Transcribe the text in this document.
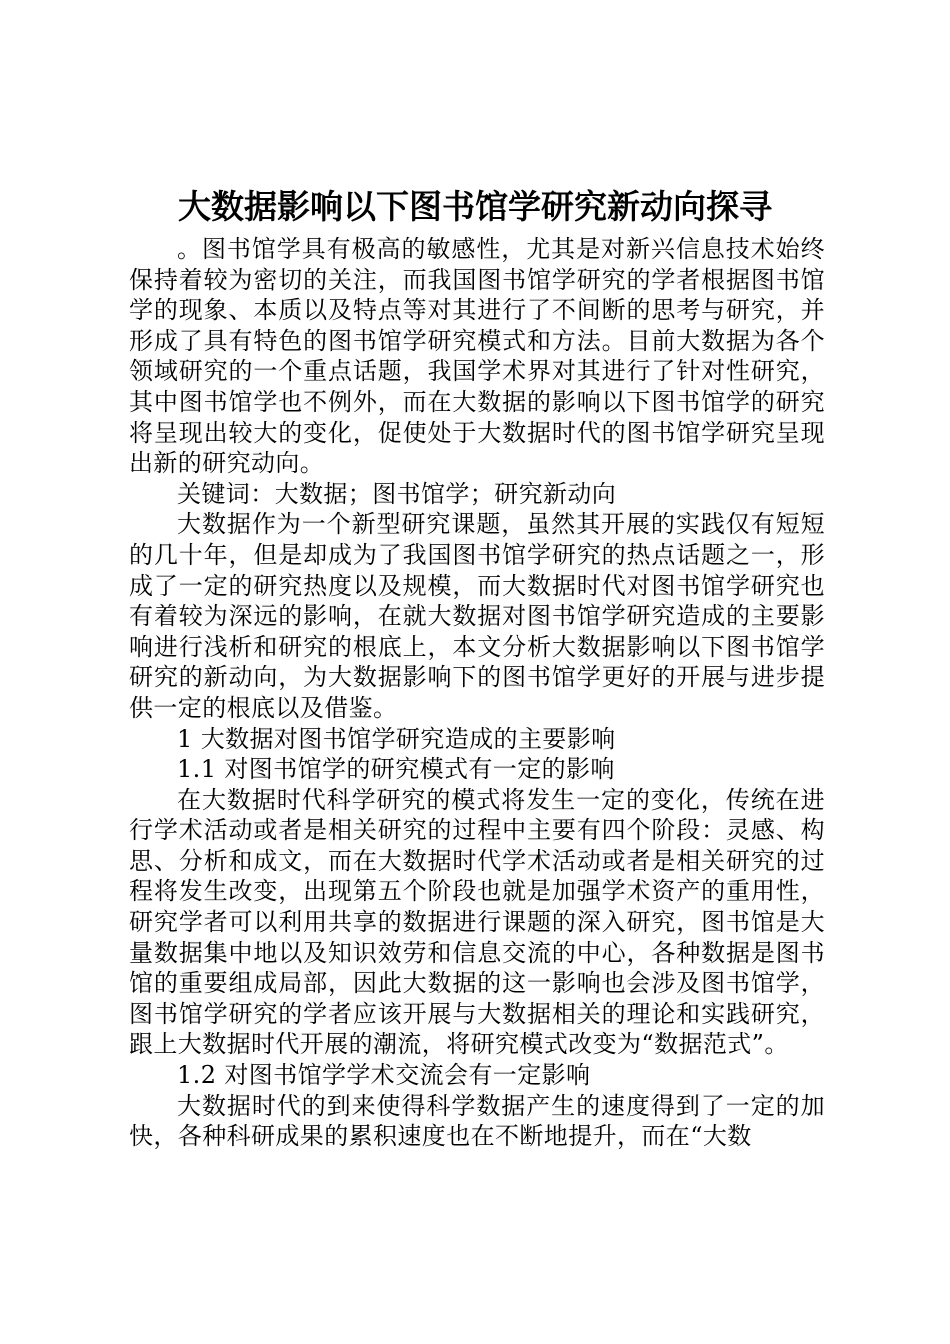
大数据影响以下图书馆学研究新动向探寻

。图书馆学具有极高的敏感性，尤其是对新兴信息技术始终保持着较为密切的关注，而我国图书馆学研究的学者根据图书馆学的现象、本质以及特点等对其进行了不间断的思考与研究，并形成了具有特色的图书馆学研究模式和方法。目前大数据为各个领域研究的一个重点话题，我国学术界对其进行了针对性研究，其中图书馆学也不例外，而在大数据的影响以下图书馆学的研究将呈现出较大的变化，促使处于大数据时代的图书馆学研究呈现出新的研究动向。

关键词：大数据；图书馆学；研究新动向

大数据作为一个新型研究课题，虽然其开展的实践仅有短短的几十年，但是却成为了我国图书馆学研究的热点话题之一，形成了一定的研究热度以及规模，而大数据时代对图书馆学研究也有着较为深远的影响，在就大数据对图书馆学研究造成的主要影响进行浅析和研究的根底上，本文分析大数据影响以下图书馆学研究的新动向，为大数据影响下的图书馆学更好的开展与进步提供一定的根底以及借鉴。

1 大数据对图书馆学研究造成的主要影响

1.1 对图书馆学的研究模式有一定的影响

在大数据时代科学研究的模式将发生一定的变化，传统在进行学术活动或者是相关研究的过程中主要有四个阶段：灵感、构思、分析和成文，而在大数据时代学术活动或者是相关研究的过程将发生改变，出现第五个阶段也就是加强学术资产的重用性，研究学者可以利用共享的数据进行课题的深入研究，图书馆是大量数据集中地以及知识效劳和信息交流的中心，各种数据是图书馆的重要组成局部，因此大数据的这一影响也会涉及图书馆学，图书馆学研究的学者应该开展与大数据相关的理论和实践研究，跟上大数据时代开展的潮流，将研究模式改变为“数据范式”。

1.2 对图书馆学学术交流会有一定影响

大数据时代的到来使得科学数据产生的速度得到了一定的加快，各种科研成果的累积速度也在不断地提升，而在“大数
